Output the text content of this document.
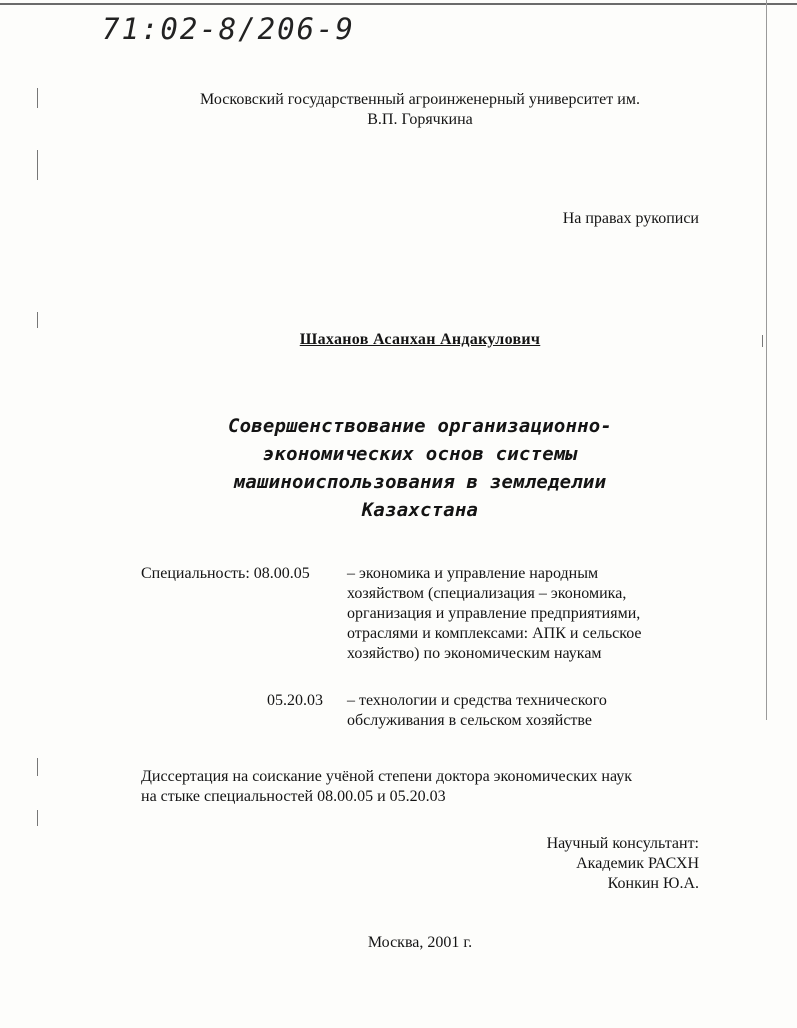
71:02-8/206-9
Московский государственный агроинженерный университет им.
В.П. Горячкина
На правах рукописи
Шаханов Асанхан Андакулович
Совершенствование организационно-
экономических основ системы
машиноиспользования в земледелии
Казахстана
Специальность: 08.00.05 – экономика и управление народным
хозяйством (специализация – экономика,
организация и управление предприятиями,
отраслями и комплексами: АПК и сельское
хозяйство) по экономическим наукам
05.20.03 – технологии и средства технического
обслуживания в сельском хозяйстве
Диссертация на соискание учёной степени доктора экономических наук
на стыке специальностей 08.00.05 и 05.20.03
Научный консультант:
Академик РАСХН
Конкин Ю.А.
Москва, 2001 г.
